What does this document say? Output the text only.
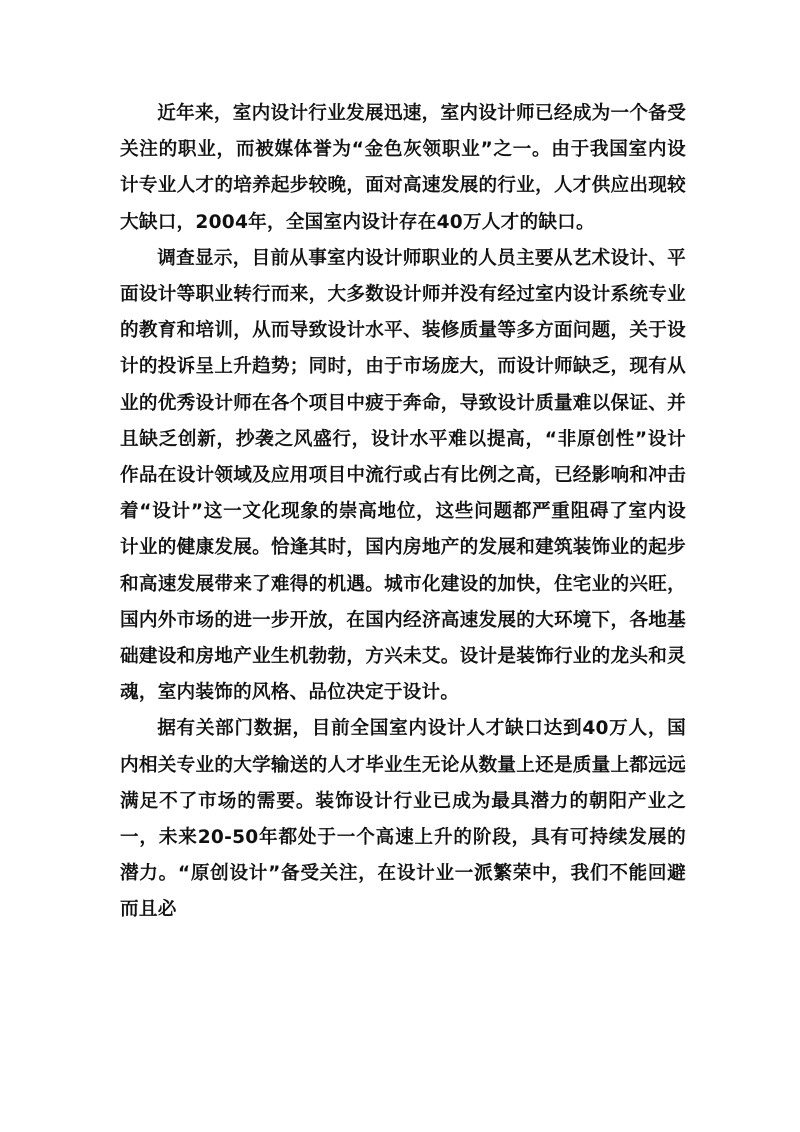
近年来，室内设计行业发展迅速，室内设计师已经成为一个备受关注的职业，而被媒体誉为“金色灰领职业”之一。由于我国室内设计专业人才的培养起步较晚，面对高速发展的行业，人才供应出现较大缺口，2004年，全国室内设计存在40万人才的缺口。

调查显示，目前从事室内设计师职业的人员主要从艺术设计、平面设计等职业转行而来，大多数设计师并没有经过室内设计系统专业的教育和培训，从而导致设计水平、装修质量等多方面问题，关于设计的投诉呈上升趋势；同时，由于市场庞大，而设计师缺乏，现有从业的优秀设计师在各个项目中疲于奔命，导致设计质量难以保证、并且缺乏创新，抄袭之风盛行，设计水平难以提高，“非原创性”设计作品在设计领域及应用项目中流行或占有比例之高，已经影响和冲击着“设计”这一文化现象的崇高地位，这些问题都严重阻碍了室内设计业的健康发展。恰逢其时，国内房地产的发展和建筑装饰业的起步和高速发展带来了难得的机遇。城市化建设的加快，住宅业的兴旺，国内外市场的进一步开放，在国内经济高速发展的大环境下，各地基础建设和房地产业生机勃勃，方兴未艾。设计是装饰行业的龙头和灵魂，室内装饰的风格、品位决定于设计。

据有关部门数据，目前全国室内设计人才缺口达到40万人，国内相关专业的大学输送的人才毕业生无论从数量上还是质量上都远远满足不了市场的需要。装饰设计行业已成为最具潜力的朝阳产业之一，未来20-50年都处于一个高速上升的阶段，具有可持续发展的潜力。“原创设计”备受关注，在设计业一派繁荣中，我们不能回避而且必
